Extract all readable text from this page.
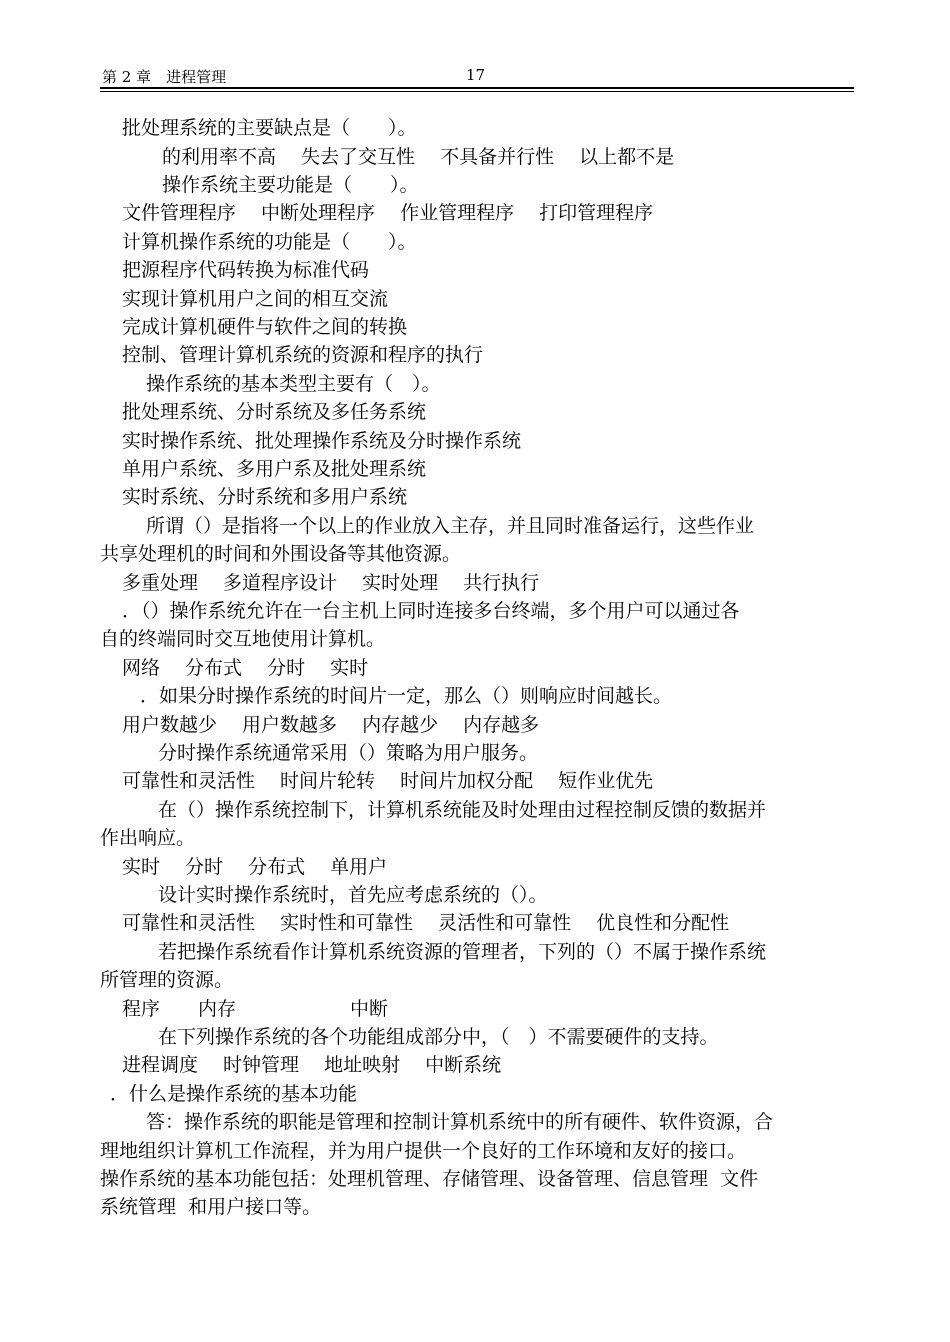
第 2 章　进程管理	17
批处理系统的主要缺点是（　　）。
的利用率不高　 失去了交互性　 不具备并行性　 以上都不是
操作系统主要功能是（　　）。
文件管理程序　 中断处理程序　 作业管理程序　 打印管理程序
计算机操作系统的功能是（　　）。
把源程序代码转换为标准代码
实现计算机用户之间的相互交流
完成计算机硬件与软件之间的转换
控制、管理计算机系统的资源和程序的执行
操作系统的基本类型主要有（　）。
批处理系统、分时系统及多任务系统
实时操作系统、批处理操作系统及分时操作系统
单用户系统、多用户系及批处理系统
实时系统、分时系统和多用户系统
所谓（）是指将一个以上的作业放入主存，并且同时准备运行，这些作业
共享处理机的时间和外围设备等其他资源。
多重处理　 多道程序设计　 实时处理　 共行执行
．（）操作系统允许在一台主机上同时连接多台终端，多个用户可以通过各
自的终端同时交互地使用计算机。
网络　 分布式　 分时　 实时
．如果分时操作系统的时间片一定，那么（）则响应时间越长。
用户数越少　 用户数越多　 内存越少　 内存越多
分时操作系统通常采用（）策略为用户服务。
可靠性和灵活性　 时间片轮转　 时间片加权分配　 短作业优先
在（）操作系统控制下，计算机系统能及时处理由过程控制反馈的数据并
作出响应。
实时　 分时　 分布式　 单用户
设计实时操作系统时，首先应考虑系统的（）。
可靠性和灵活性　 实时性和可靠性　 灵活性和可靠性　 优良性和分配性
若把操作系统看作计算机系统资源的管理者，下列的（）不属于操作系统
所管理的资源。
程序　　内存　　　　　　中断
在下列操作系统的各个功能组成部分中，（　）不需要硬件的支持。
进程调度　 时钟管理　 地址映射　 中断系统
．什么是操作系统的基本功能
答：操作系统的职能是管理和控制计算机系统中的所有硬件、软件资源，合
理地组织计算机工作流程，并为用户提供一个良好的工作环境和友好的接口。
操作系统的基本功能包括：处理机管理、存储管理、设备管理、信息管理  文件
系统管理  和用户接口等。
